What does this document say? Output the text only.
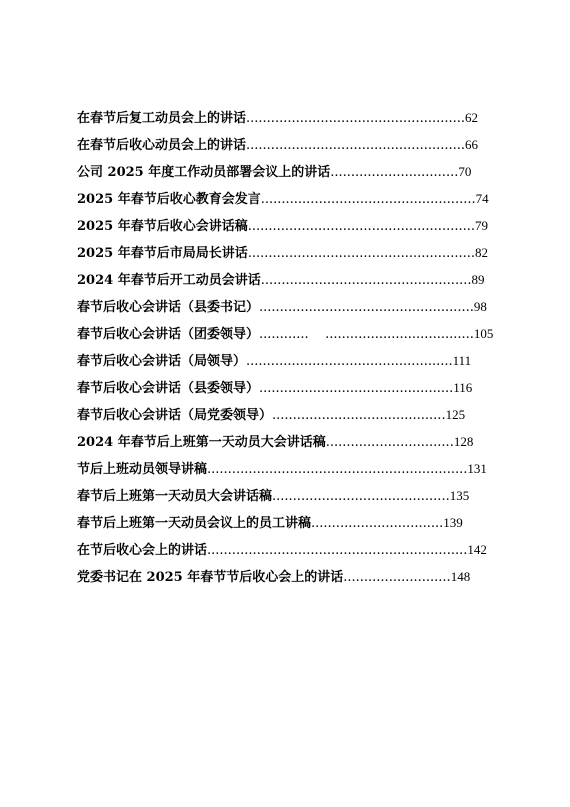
在春节后复工动员会上的讲话.....................................................62
在春节后收心动员会上的讲话.....................................................66
公司 2025 年度工作动员部署会议上的讲话...............................70
2025 年春节后收心教育会发言....................................................74
2025 年春节后收心会讲话稿.......................................................79
2025 年春节后市局局长讲话.......................................................82
2024 年春节后开工动员会讲话...................................................89
春节后收心会讲话（县委书记）....................................................98
春节后收心会讲话（团委领导）............    ....................................105
春节后收心会讲话（局领导）..................................................111
春节后收心会讲话（县委领导）...............................................116
春节后收心会讲话（局党委领导）..........................................125
2024 年春节后上班第一天动员大会讲话稿...............................128
节后上班动员领导讲稿...............................................................131
春节后上班第一天动员大会讲话稿...........................................135
春节后上班第一天动员会议上的员工讲稿................................139
在节后收心会上的讲话...............................................................142
党委书记在 2025 年春节节后收心会上的讲话..........................148
